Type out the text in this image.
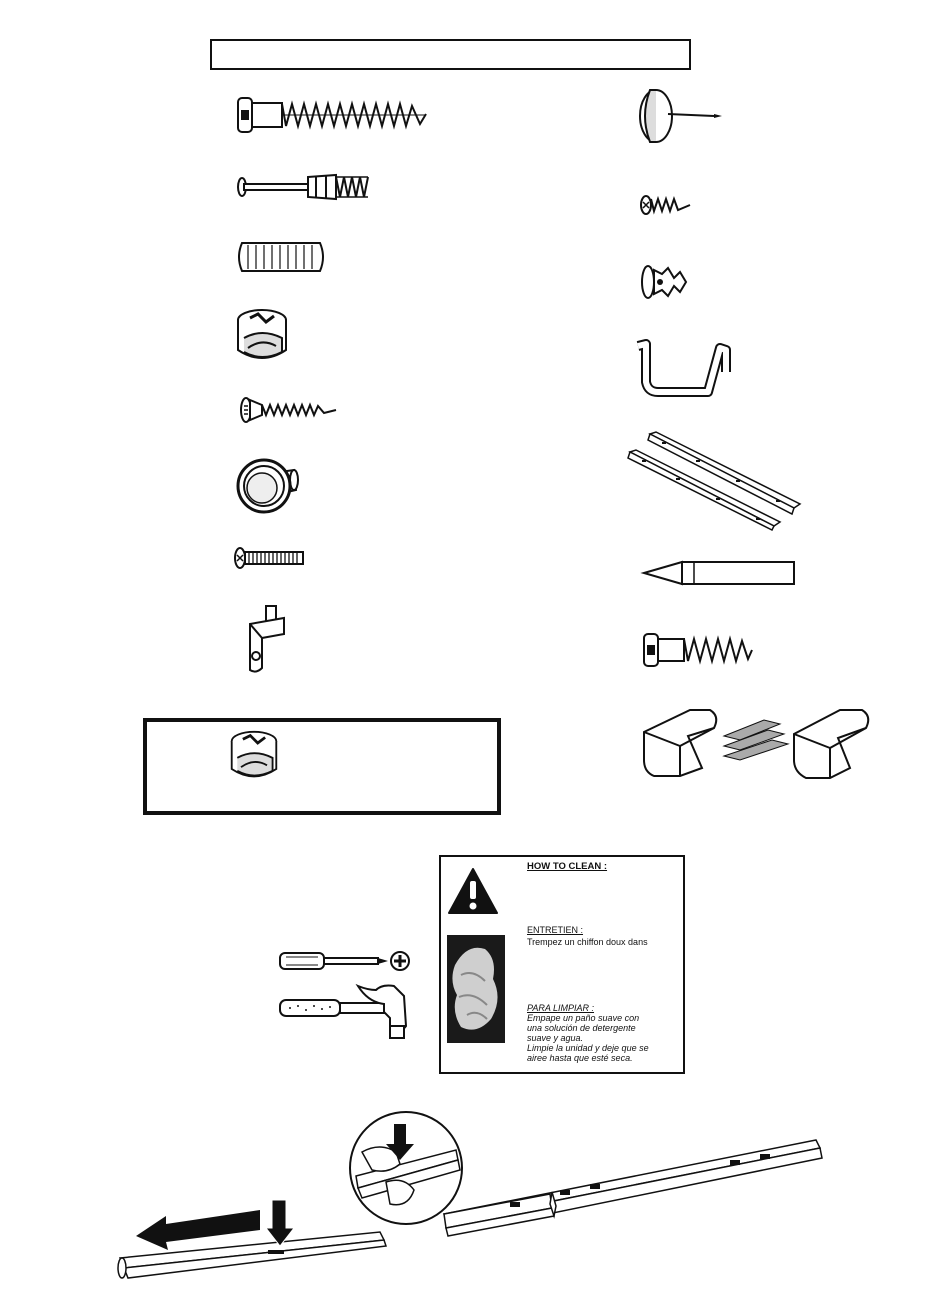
HOW TO CLEAN :
ENTRETIEN :
Trempez un chiffon doux dans
PARA LIMPIAR :
Empape un paño suave con
una solución de detergente
suave y agua.
Limpie la unidad y deje que se
airee hasta que esté seca.
